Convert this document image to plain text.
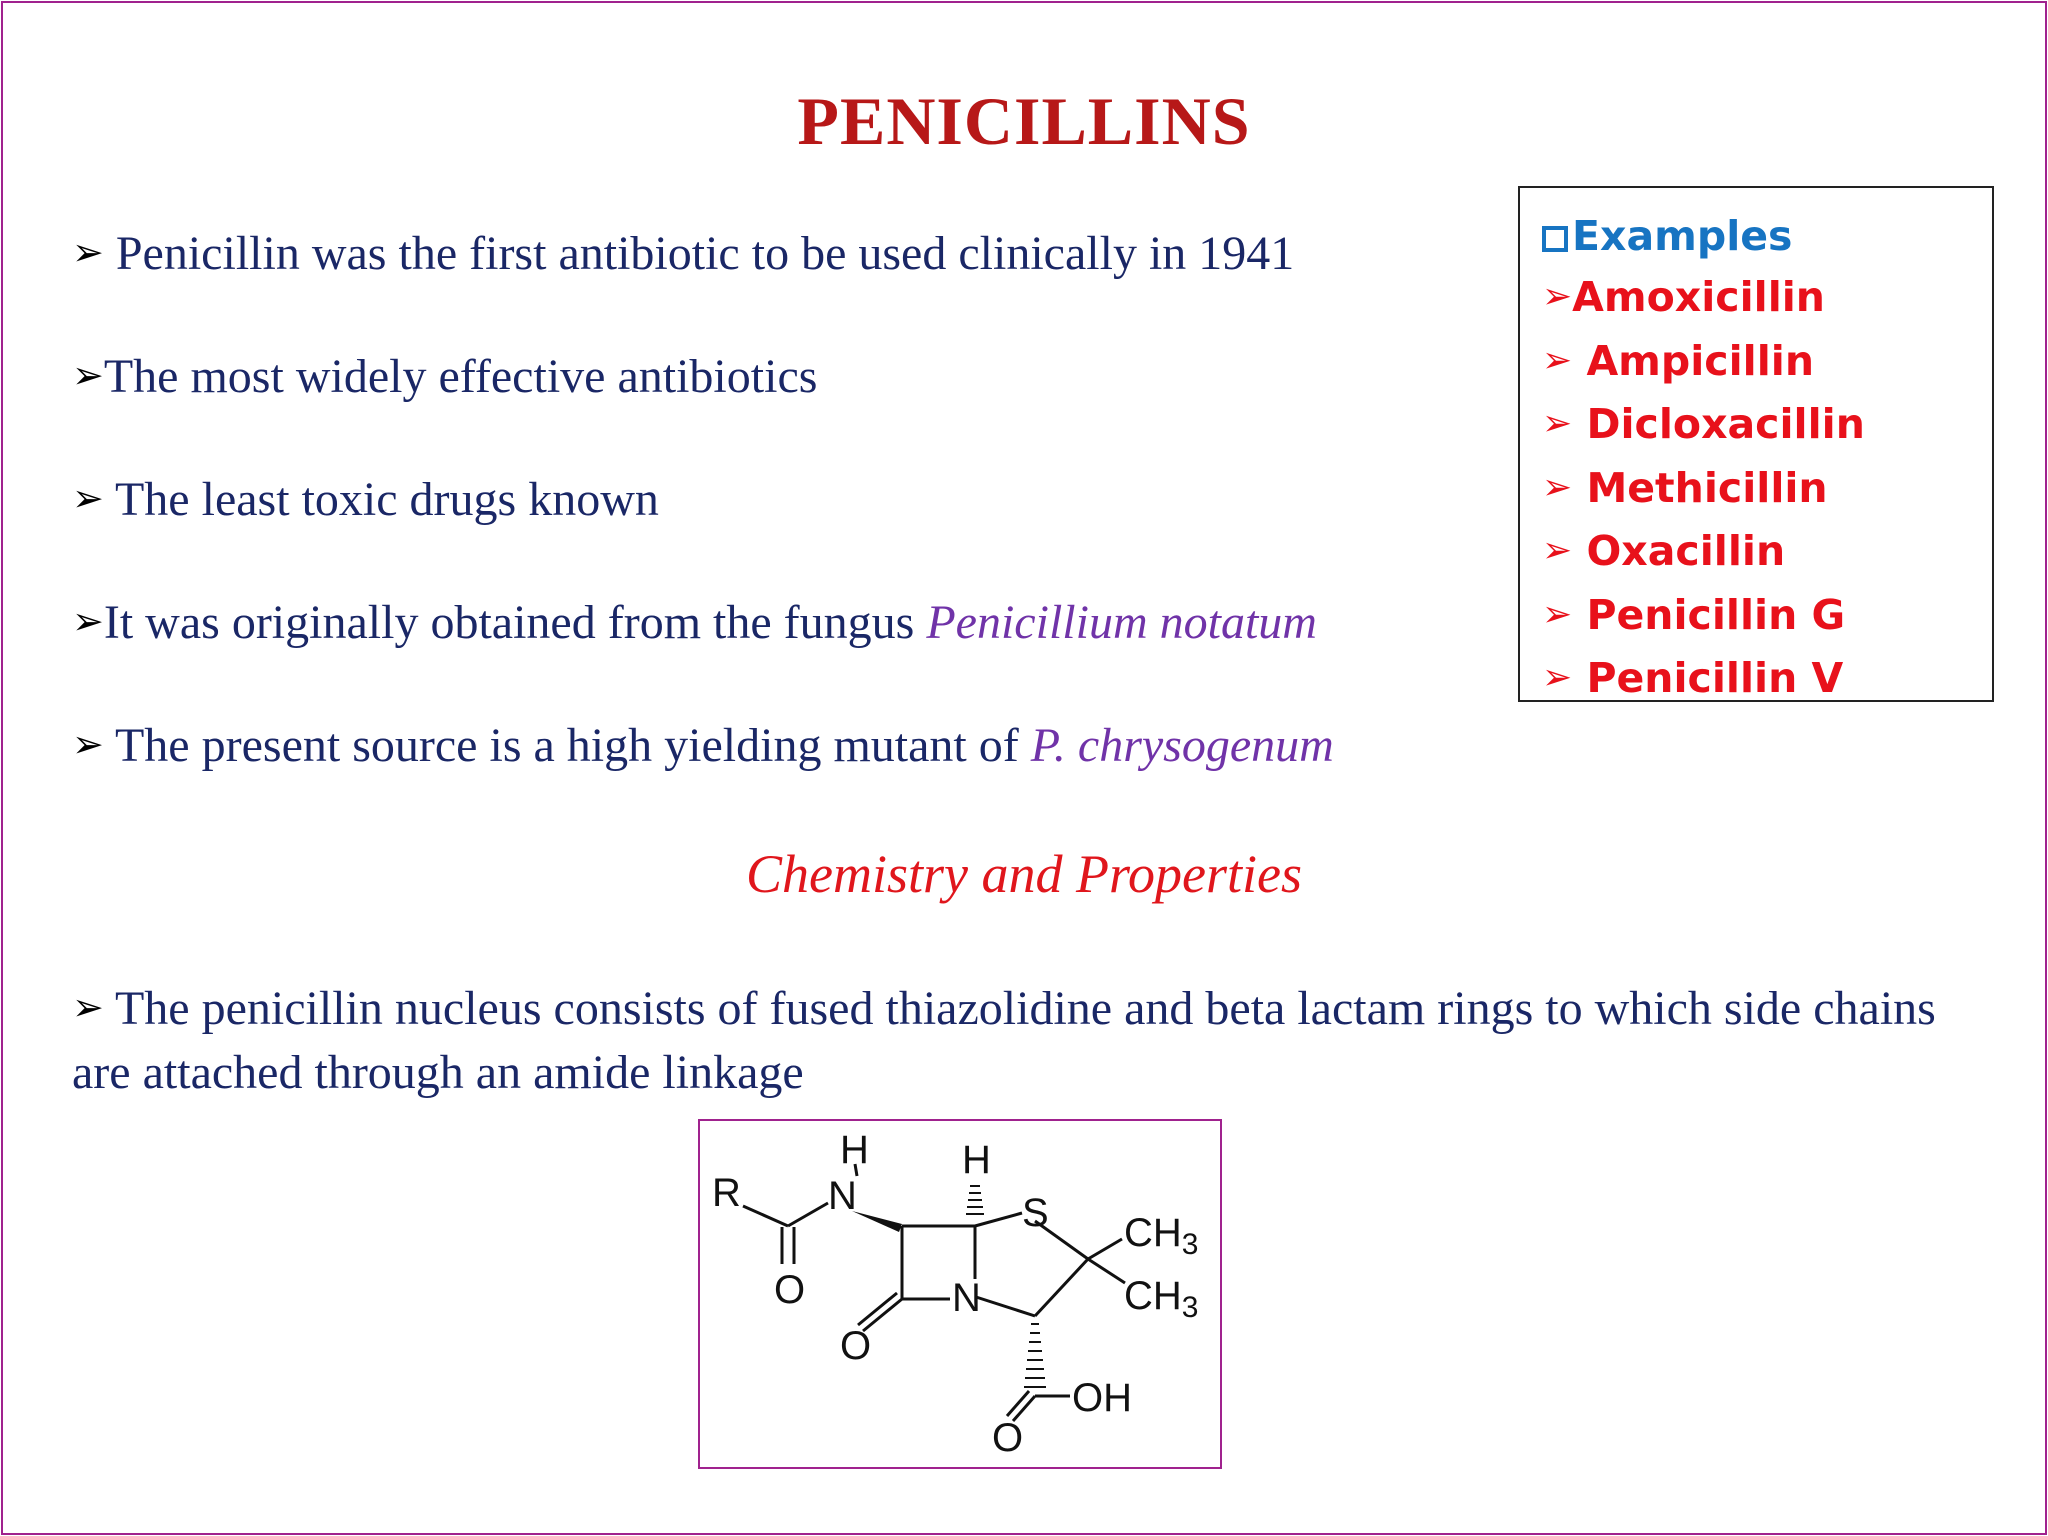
PENICILLINS
➢ Penicillin was the first antibiotic to be used clinically in 1941
➢The most widely effective antibiotics
➢ The least toxic drugs known
➢It was originally obtained from the fungus Penicillium notatum
➢ The present source is a high yielding mutant of P. chrysogenum
Chemistry and Properties
➢ The penicillin nucleus consists of fused thiazolidine and beta lactam rings to which side chains are attached through an amide linkage
Examples
➢Amoxicillin
➢ Ampicillin
➢ Dicloxacillin
➢ Methicillin
➢ Oxacillin
➢ Penicillin G
➢ Penicillin V
R
H
N
H
S $CH_3$
$CH_3$
O	N
O
OH
O
